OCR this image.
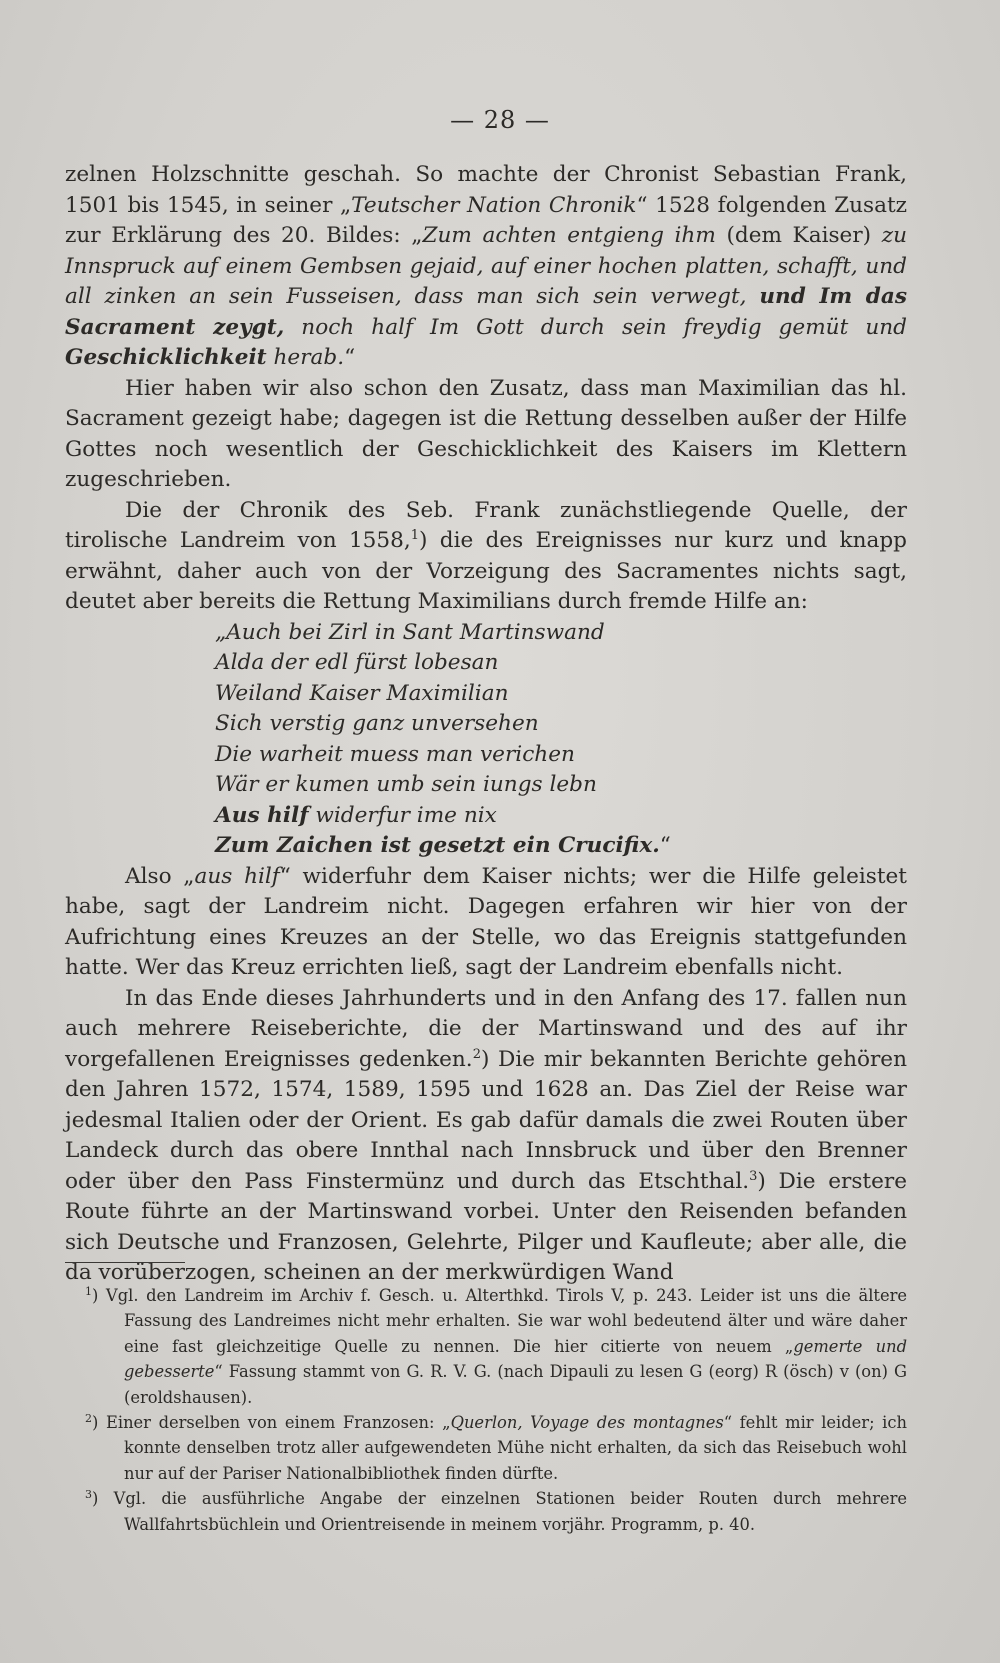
— 28 —

zelnen Holzschnitte geschah. So machte der Chronist Sebastian Frank, 1501 bis 1545, in seiner „Teutscher Nation Chronik“ 1528 folgenden Zusatz zur Erklärung des 20. Bildes: „Zum achten entgieng ihm (dem Kaiser) zu Innspruck auf einem Gembsen gejaid, auf einer hochen platten, schafft, und all zinken an sein Fusseisen, dass man sich sein verwegt, und Im das Sacrament zeygt, noch half Im Gott durch sein freydig gemüt und Geschicklichkeit herab.“

Hier haben wir also schon den Zusatz, dass man Maximilian das hl. Sacrament gezeigt habe; dagegen ist die Rettung desselben außer der Hilfe Gottes noch wesentlich der Geschicklichkeit des Kaisers im Klettern zugeschrieben.

Die der Chronik des Seb. Frank zunächstliegende Quelle, der tirolische Landreim von 1558,$^1$) die des Ereignisses nur kurz und knapp erwähnt, daher auch von der Vorzeigung des Sacramentes nichts sagt, deutet aber bereits die Rettung Maximilians durch fremde Hilfe an:

„Auch bei Zirl in Sant Martinswand
Alda der edl fürst lobesan
Weiland Kaiser Maximilian
Sich verstig ganz unversehen
Die warheit muess man verichen
Wär er kumen umb sein iungs lebn
Aus hilf widerfur ime nix
Zum Zaichen ist gesetzt ein Crucifix.“

Also „aus hilf“ widerfuhr dem Kaiser nichts; wer die Hilfe geleistet habe, sagt der Landreim nicht. Dagegen erfahren wir hier von der Aufrichtung eines Kreuzes an der Stelle, wo das Ereignis stattgefunden hatte. Wer das Kreuz errichten ließ, sagt der Landreim ebenfalls nicht.

In das Ende dieses Jahrhunderts und in den Anfang des 17. fallen nun auch mehrere Reiseberichte, die der Martinswand und des auf ihr vorgefallenen Ereignisses gedenken.$^2$) Die mir bekannten Berichte gehören den Jahren 1572, 1574, 1589, 1595 und 1628 an. Das Ziel der Reise war jedesmal Italien oder der Orient. Es gab dafür damals die zwei Routen über Landeck durch das obere Innthal nach Innsbruck und über den Brenner oder über den Pass Finstermünz und durch das Etschthal.$^3$) Die erstere Route führte an der Martinswand vorbei. Unter den Reisenden befanden sich Deutsche und Franzosen, Gelehrte, Pilger und Kaufleute; aber alle, die da vorüberzogen, scheinen an der merkwürdigen Wand

$^1$) Vgl. den Landreim im Archiv f. Gesch. u. Alterthkd. Tirols V, p. 243. Leider ist uns die ältere Fassung des Landreimes nicht mehr erhalten. Sie war wohl bedeutend älter und wäre daher eine fast gleichzeitige Quelle zu nennen. Die hier citierte von neuem „gemerte und gebesserte“ Fassung stammt von G. R. V. G. (nach Dipauli zu lesen G (eorg) R (ösch) v (on) G (eroldshausen).

$^2$) Einer derselben von einem Franzosen: „Querlon, Voyage des montagnes“ fehlt mir leider; ich konnte denselben trotz aller aufgewendeten Mühe nicht erhalten, da sich das Reisebuch wohl nur auf der Pariser Nationalbibliothek finden dürfte.

$^3$) Vgl. die ausführliche Angabe der einzelnen Stationen beider Routen durch mehrere Wallfahrtsbüchlein und Orientreisende in meinem vorjähr. Programm, p. 40.
